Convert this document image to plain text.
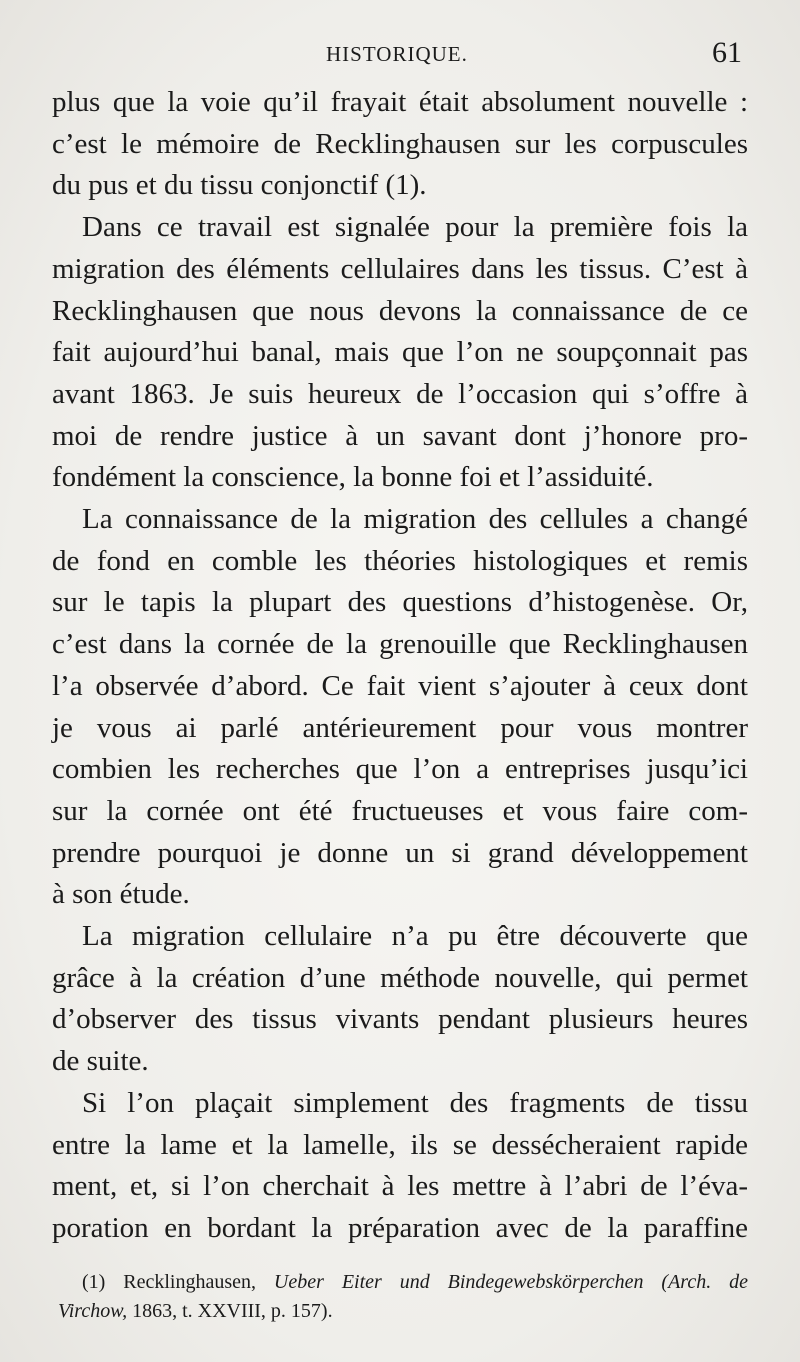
HISTORIQUE.	61

plus que la voie qu’il frayait était absolument nouvelle :
c’est le mémoire de Recklinghausen sur les corpuscules
du pus et du tissu conjonctif (1).

Dans ce travail est signalée pour la première fois la
migration des éléments cellulaires dans les tissus. C’est à
Recklinghausen que nous devons la connaissance de ce
fait aujourd’hui banal, mais que l’on ne soupçonnait pas
avant 1863. Je suis heureux de l’occasion qui s’offre à
moi de rendre justice à un savant dont j’honore pro-
fondément la conscience, la bonne foi et l’assiduité.

La connaissance de la migration des cellules a changé
de fond en comble les théories histologiques et remis
sur le tapis la plupart des questions d’histogenèse. Or,
c’est dans la cornée de la grenouille que Recklinghausen
l’a observée d’abord. Ce fait vient s’ajouter à ceux dont
je vous ai parlé antérieurement pour vous montrer
combien les recherches que l’on a entreprises jusqu’ici
sur la cornée ont été fructueuses et vous faire com-
prendre pourquoi je donne un si grand développement
à son étude.

La migration cellulaire n’a pu être découverte que
grâce à la création d’une méthode nouvelle, qui permet
d’observer des tissus vivants pendant plusieurs heures
de suite.

Si l’on plaçait simplement des fragments de tissu
entre la lame et la lamelle, ils se dessécheraient rapide
ment, et, si l’on cherchait à les mettre à l’abri de l’éva-
poration en bordant la préparation avec de la paraffine

(1) Recklinghausen, Ueber Eiter und Bindegewebskörperchen (Arch. de
Virchow, 1863, t. XXVIII, p. 157).
